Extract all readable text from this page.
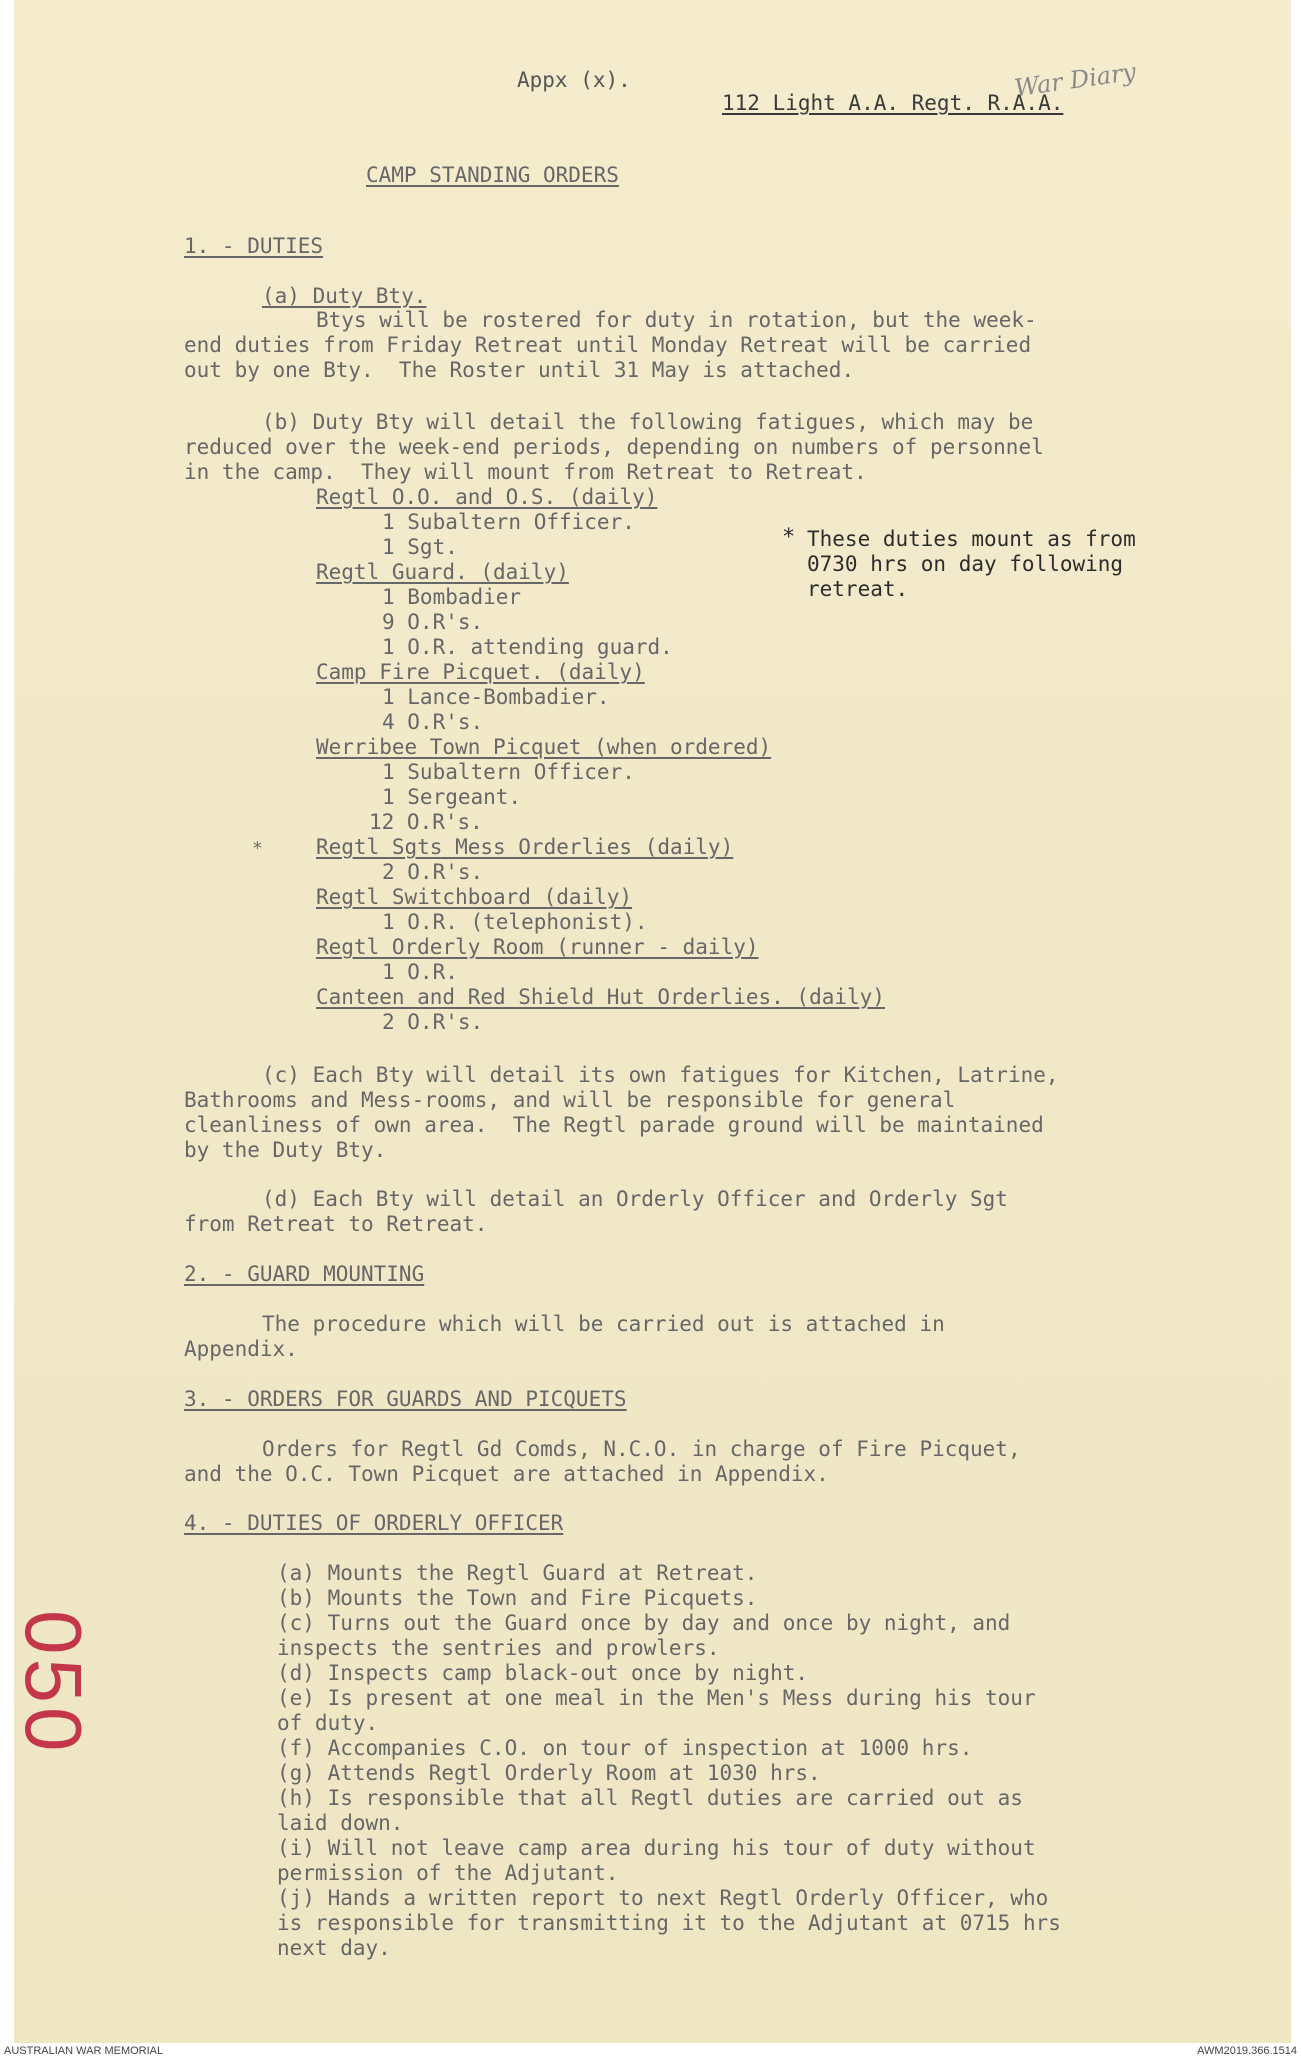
Appx (x).
112 Light A.A. Regt. R.A.A.
War Diary
CAMP STANDING ORDERS
1. - DUTIES
(a) Duty Bty.
Btys will be rostered for duty in rotation, but the week-
end duties from Friday Retreat until Monday Retreat will be carried
out by one Bty.  The Roster until 31 May is attached.
(b) Duty Bty will detail the following fatigues, which may be
reduced over the week-end periods, depending on numbers of personnel
in the camp.  They will mount from Retreat to Retreat.
Regtl O.O. and O.S. (daily)
1 Subaltern Officer.
1 Sgt.
Regtl Guard. (daily)
1 Bombadier
9 O.R's.
1 O.R. attending guard.
Camp Fire Picquet. (daily)
1 Lance-Bombadier.
4 O.R's.
Werribee Town Picquet (when ordered)
1 Subaltern Officer.
1 Sergeant.
12 O.R's.
Regtl Sgts Mess Orderlies (daily)
2 O.R's.
Regtl Switchboard (daily)
1 O.R. (telephonist).
Regtl Orderly Room (runner - daily)
1 O.R.
Canteen and Red Shield Hut Orderlies. (daily)
2 O.R's.
* These duties mount as from
0730 hrs on day following
retreat.
*
(c) Each Bty will detail its own fatigues for Kitchen, Latrine,
Bathrooms and Mess-rooms, and will be responsible for general
cleanliness of own area.  The Regtl parade ground will be maintained
by the Duty Bty.
(d) Each Bty will detail an Orderly Officer and Orderly Sgt
from Retreat to Retreat.
2. - GUARD MOUNTING
The procedure which will be carried out is attached in
Appendix.
3. - ORDERS FOR GUARDS AND PICQUETS
Orders for Regtl Gd Comds, N.C.O. in charge of Fire Picquet,
and the O.C. Town Picquet are attached in Appendix.
4. - DUTIES OF ORDERLY OFFICER
(a) Mounts the Regtl Guard at Retreat.
(b) Mounts the Town and Fire Picquets.
(c) Turns out the Guard once by day and once by night, and
inspects the sentries and prowlers.
(d) Inspects camp black-out once by night.
(e) Is present at one meal in the Men's Mess during his tour
of duty.
(f) Accompanies C.O. on tour of inspection at 1000 hrs.
(g) Attends Regtl Orderly Room at 1030 hrs.
(h) Is responsible that all Regtl duties are carried out as
laid down.
(i) Will not leave camp area during his tour of duty without
permission of the Adjutant.
(j) Hands a written report to next Regtl Orderly Officer, who
is responsible for transmitting it to the Adjutant at 0715 hrs
next day.
050
AUSTRALIAN WAR MEMORIAL	AWM2019.366.1514
